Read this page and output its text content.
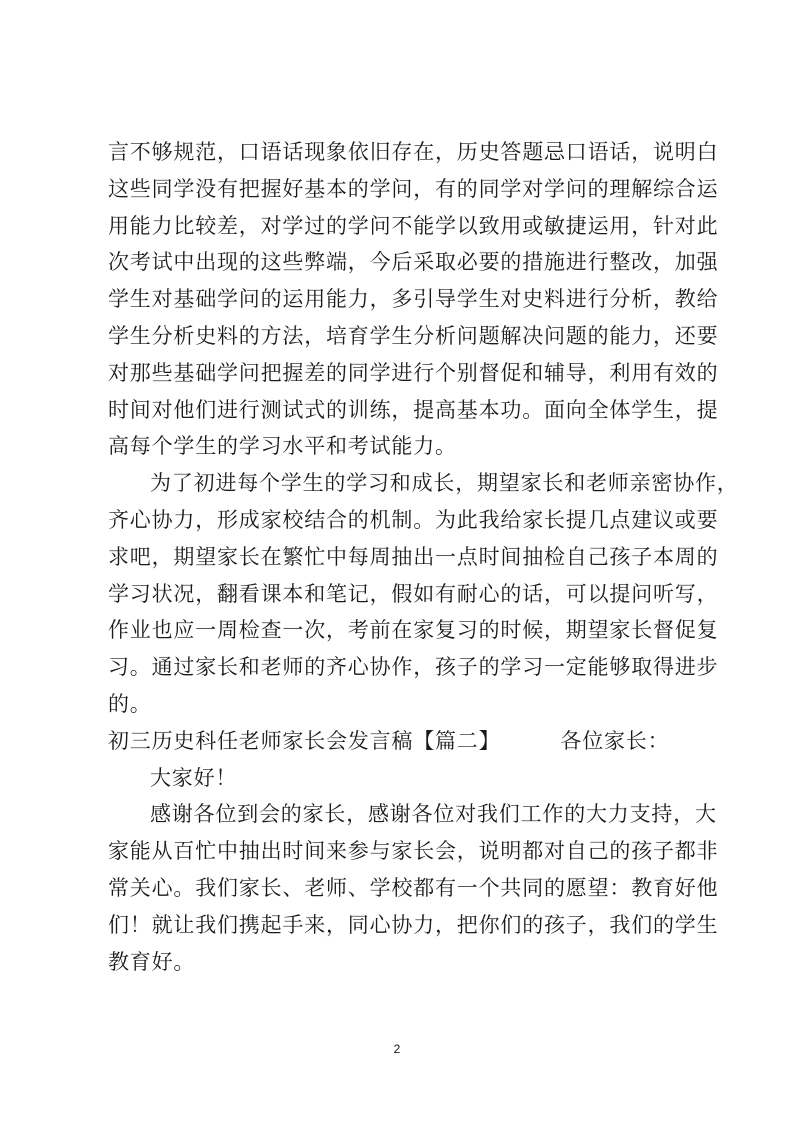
言不够规范，口语话现象依旧存在，历史答题忌口语话，说明白
这些同学没有把握好基本的学问，有的同学对学问的理解综合运
用能力比较差，对学过的学问不能学以致用或敏捷运用，针对此
次考试中出现的这些弊端，今后采取必要的措施进行整改，加强
学生对基础学问的运用能力，多引导学生对史料进行分析，教给
学生分析史料的方法，培育学生分析问题解决问题的能力，还要
对那些基础学问把握差的同学进行个别督促和辅导，利用有效的
时间对他们进行测试式的训练，提高基本功。面向全体学生，提
高每个学生的学习水平和考试能力。
为了初进每个学生的学习和成长，期望家长和老师亲密协作，
齐心协力，形成家校结合的机制。为此我给家长提几点建议或要
求吧，期望家长在繁忙中每周抽出一点时间抽检自己孩子本周的
学习状况，翻看课本和笔记，假如有耐心的话，可以提问听写，
作业也应一周检查一次，考前在家复习的时候，期望家长督促复
习。通过家长和老师的齐心协作，孩子的学习一定能够取得进步
的。
初三历史科任老师家长会发言稿【篇二】	各位家长：
大家好！
感谢各位到会的家长，感谢各位对我们工作的大力支持，大
家能从百忙中抽出时间来参与家长会，说明都对自己的孩子都非
常关心。我们家长、老师、学校都有一个共同的愿望：教育好他
们！就让我们携起手来，同心协力，把你们的孩子，我们的学生
教育好。
2
